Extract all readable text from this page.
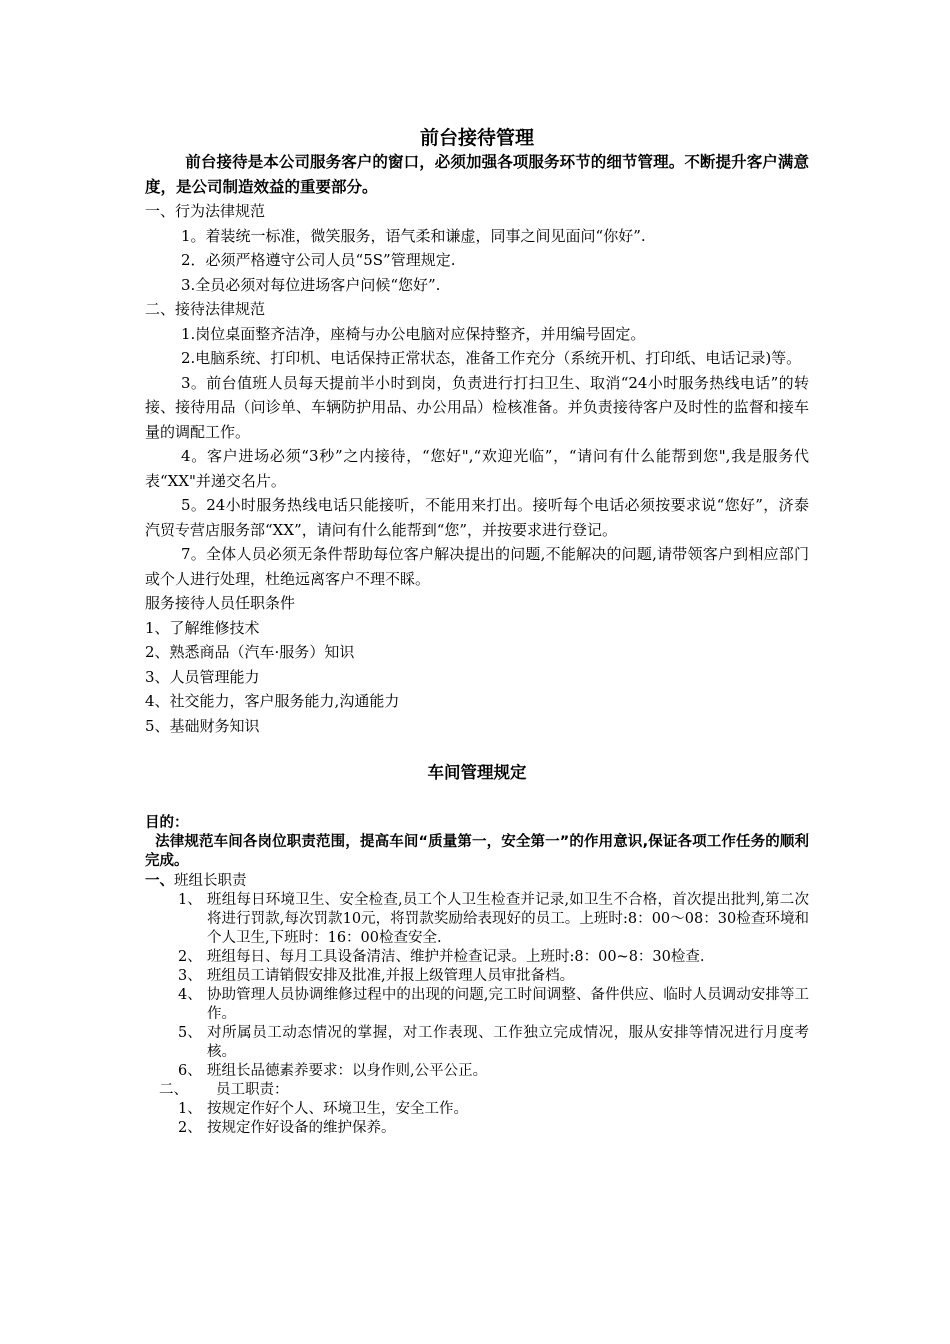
前台接待管理

前台接待是本公司服务客户的窗口，必须加强各项服务环节的细节管理。不断提升客户满意度，是公司制造效益的重要部分。

一、行为法律规范

1。着装统一标准，微笑服务，语气柔和谦虚，同事之间见面问“你好”.

2．必须严格遵守公司人员“5S”管理规定.

3.全员必须对每位进场客户问候“您好”.

二、接待法律规范

1.岗位桌面整齐洁净，座椅与办公电脑对应保持整齐，并用编号固定。

2.电脑系统、打印机、电话保持正常状态，准备工作充分（系统开机、打印纸、电话记录)等。

3。前台值班人员每天提前半小时到岗，负责进行打扫卫生、取消“24小时服务热线电话”的转接、接待用品（问诊单、车辆防护用品、办公用品）检核准备。并负责接待客户及时性的监督和接车量的调配工作。

4。客户进场必须“3秒”之内接待，“您好",“欢迎光临”，“请问有什么能帮到您",我是服务代表“XX"并递交名片。

5。24小时服务热线电话只能接听，不能用来打出。接听每个电话必须按要求说“您好”，济泰汽贸专营店服务部“XX”，请问有什么能帮到“您”，并按要求进行登记。

7。全体人员必须无条件帮助每位客户解决提出的问题,不能解决的问题,请带领客户到相应部门或个人进行处理，杜绝远离客户不理不睬。

服务接待人员任职条件

1、了解维修技术

2、熟悉商品（汽车·服务）知识

3、人员管理能力

4、社交能力，客户服务能力,沟通能力

5、基础财务知识

车间管理规定

目的：

法律规范车间各岗位职责范围，提高车间“质量第一，安全第一”的作用意识,保证各项工作任务的顺利完成。

一、班组长职责

1、 班组每日环境卫生、安全检查,员工个人卫生检查并记录,如卫生不合格，首次提出批判,第二次将进行罚款,每次罚款10元，将罚款奖励给表现好的员工。上班时:8：00～08：30检查环境和个人卫生,下班时：16：00检查安全.
2、 班组每日、每月工具设备清洁、维护并检查记录。上班时:8：00~8：30检查.
3、 班组员工请销假安排及批准,并报上级管理人员审批备档。
4、 协助管理人员协调维修过程中的出现的问题,完工时间调整、备件供应、临时人员调动安排等工作。
5、 对所属员工动态情况的掌握，对工作表现、工作独立完成情况，服从安排等情况进行月度考核。
6、 班组长品德素养要求：以身作则,公平公正。

二、 员工职责：

1、 按规定作好个人、环境卫生，安全工作。
2、 按规定作好设备的维护保养。
